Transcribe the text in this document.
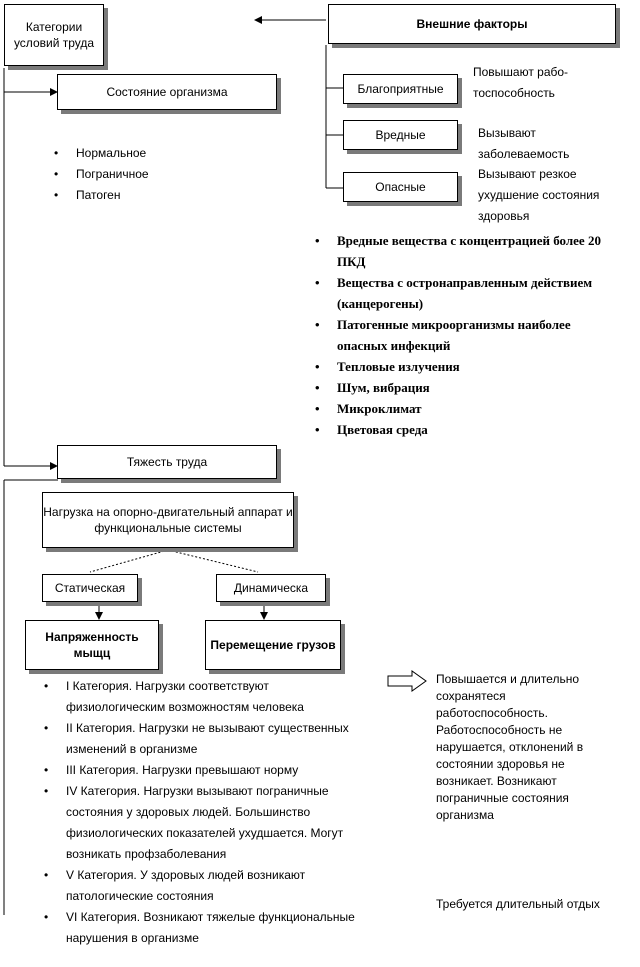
Категории условий труда
Внешние факторы
Состояние организма	Благоприятные
Повышают рабо-тоспособность
Вредные	Вызывают заболеваемость
Опасные
Вызывают резкое ухудшение состояния здоровья
• Нормальное
• Пограничное
• Патоген
• Вредные вещества с концентрацией более 20 ПКД
• Вещества с остронаправленным действием (канцерогены)
• Патогенные микроорганизмы наиболее опасных инфекций
• Тепловые излучения
• Шум, вибрация
• Микроклимат
• Цветовая среда
Тяжесть труда
Нагрузка на опорно-двигательный аппарат и функциональные системы
Статическая	Динамическа
Напряженность мыщц
Перемещение грузов
• I Категория. Нагрузки соответствуют физиологическим возможностям человека
• II Категория. Нагрузки не вызывают существенных изменений в организме
• III Категория. Нагрузки превышают норму
• IV Категория. Нагрузки вызывают пограничные состояния у здоровых людей. Большинство физиологических показателей ухудшается. Могут возникать профзаболевания
• V Категория. У здоровых людей возникают патологические состояния
• VI Категория. Возникают тяжелые функциональные нарушения в организме
Повышается и длительно сохранятеся работоспособность. Работоспособность не нарушается, отклонений в состоянии здоровья не возникает. Возникают пограничные состояния организма
Требуется длительный отдых
